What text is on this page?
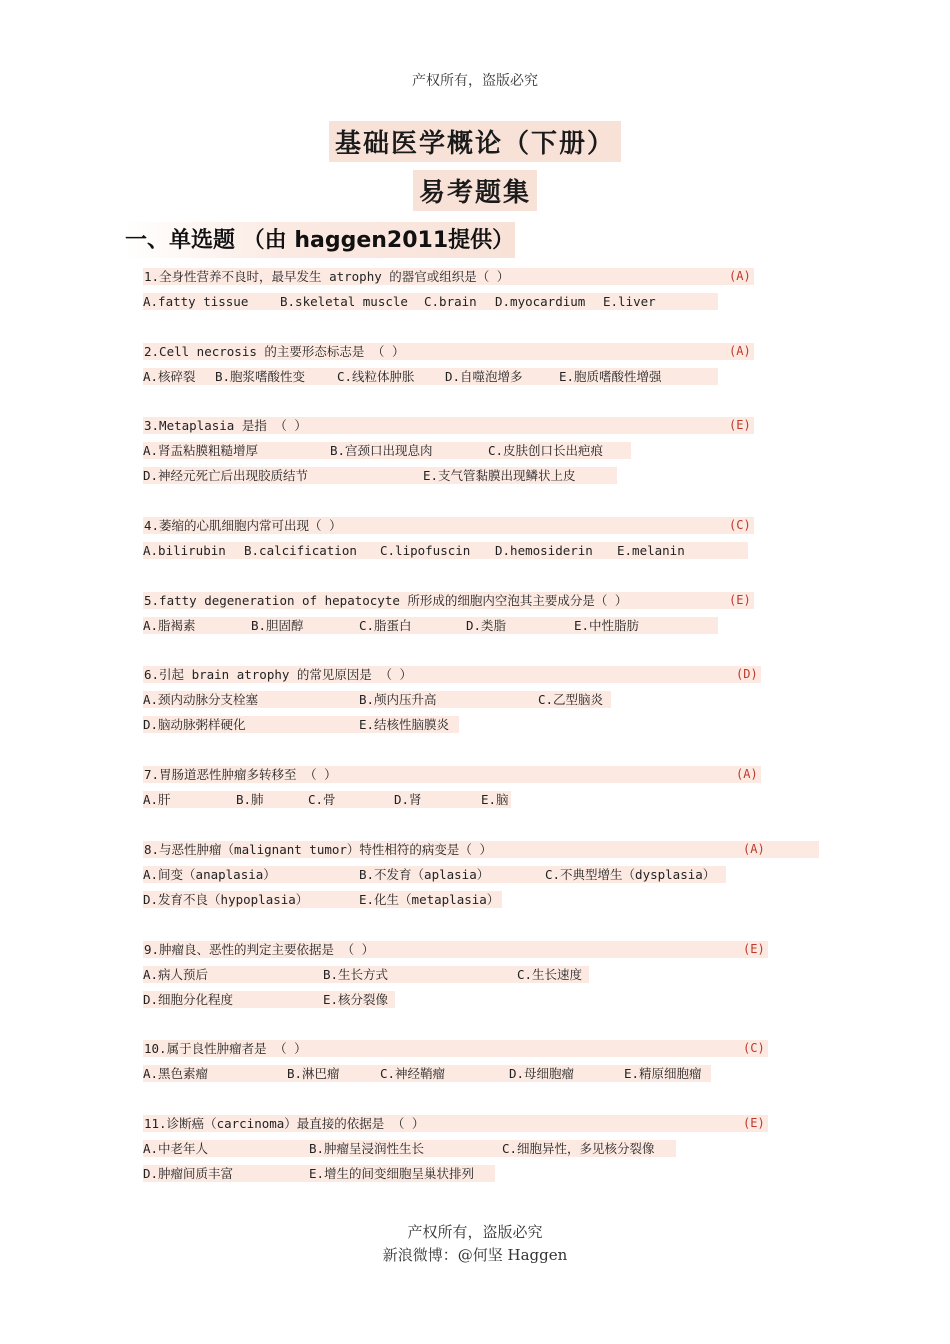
产权所有，盗版必究
基础医学概论（下册）
易考题集
一、单选题 （由 haggen2011提供）
1.全身性营养不良时，最早发生 atrophy 的器官或组织是（ ）	(A)
A.fatty tissue	B.skeletal muscle C.brain D.myocardium E.liver
2.Cell necrosis 的主要形态标志是 （ ）	(A)
A.核碎裂 B.胞浆嗜酸性变	C.线粒体肿胀 D.自噬泡增多	E.胞质嗜酸性增强
3.Metaplasia 是指 （ ）	(E)
A.肾盂粘膜粗糙增厚	B.宫颈口出现息肉	C.皮肤创口长出疤痕
D.神经元死亡后出现胶质结节	E.支气管黏膜出现鳞状上皮
4.萎缩的心肌细胞内常可出现（ ）	(C)
A.bilirubin B.calcification C.lipofuscin D.hemosiderin E.melanin
5.fatty degeneration of hepatocyte 所形成的细胞内空泡其主要成分是（ ）	(E)
A.脂褐素	B.胆固醇	C.脂蛋白	D.类脂	E.中性脂肪
6.引起 brain atrophy 的常见原因是 （ ）	(D)
A.颈内动脉分支栓塞	B.颅内压升高	C.乙型脑炎
D.脑动脉粥样硬化	E.结核性脑膜炎
7.胃肠道恶性肿瘤多转移至 （ ）	(A)
A.肝	B.肺	C.骨	D.肾	E.脑
8.与恶性肿瘤（malignant tumor）特性相符的病变是（ ）	(A)
A.间变（anaplasia）	B.不发育（aplasia）	C.不典型增生（dysplasia）
D.发育不良（hypoplasia）	E.化生（metaplasia）
9.肿瘤良、恶性的判定主要依据是 （ ）	(E)
A.病人预后	B.生长方式	C.生长速度
D.细胞分化程度	E.核分裂像
10.属于良性肿瘤者是 （ ）	(C)
A.黑色素瘤	B.淋巴瘤	C.神经鞘瘤	D.母细胞瘤	E.精原细胞瘤
11.诊断癌（carcinoma）最直接的依据是 （ ）	(E)
A.中老年人	B.肿瘤呈浸润性生长	C.细胞异性，多见核分裂像
D.肿瘤间质丰富	E.增生的间变细胞呈巢状排列
产权所有，盗版必究
新浪微博：@何坚 Haggen
